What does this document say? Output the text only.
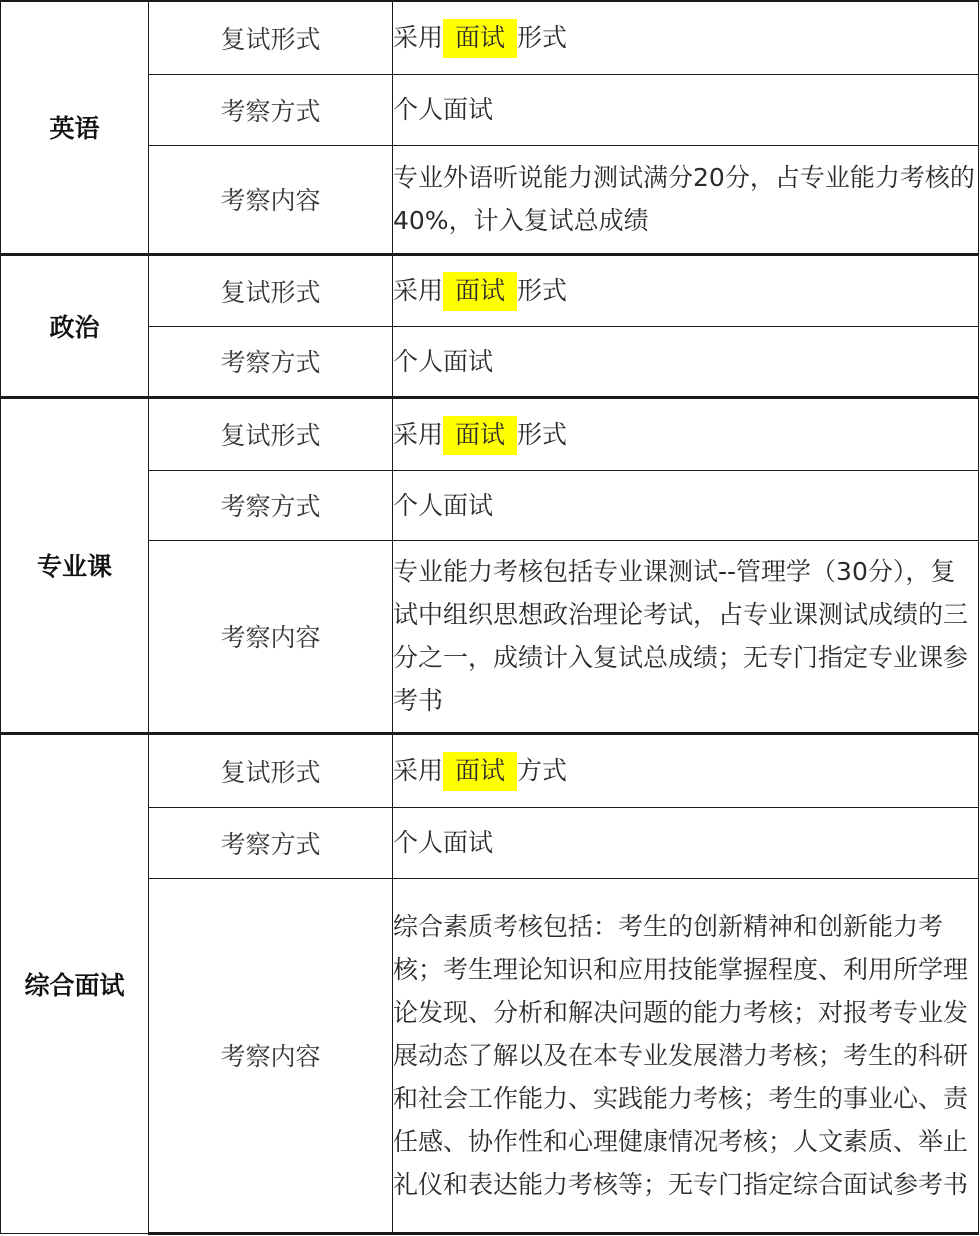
英语	复试形式	采用 面试 形式
	考察方式	个人面试
	考察内容	专业外语听说能力测试满分20分，占专业能力考核的40%，计入复试总成绩
政治	复试形式	采用 面试 形式
	考察方式	个人面试
专业课	复试形式	采用 面试 形式
	考察方式	个人面试
	考察内容	专业能力考核包括专业课测试--管理学（30分），复试中组织思想政治理论考试，占专业课测试成绩的三分之一，成绩计入复试总成绩；无专门指定专业课参考书
综合面试	复试形式	采用 面试 方式
	考察方式	个人面试
	考察内容	综合素质考核包括：考生的创新精神和创新能力考核；考生理论知识和应用技能掌握程度、利用所学理论发现、分析和解决问题的能力考核；对报考专业发展动态了解以及在本专业发展潜力考核；考生的科研和社会工作能力、实践能力考核；考生的事业心、责任感、协作性和心理健康情况考核；人文素质、举止礼仪和表达能力考核等；无专门指定综合面试参考书
